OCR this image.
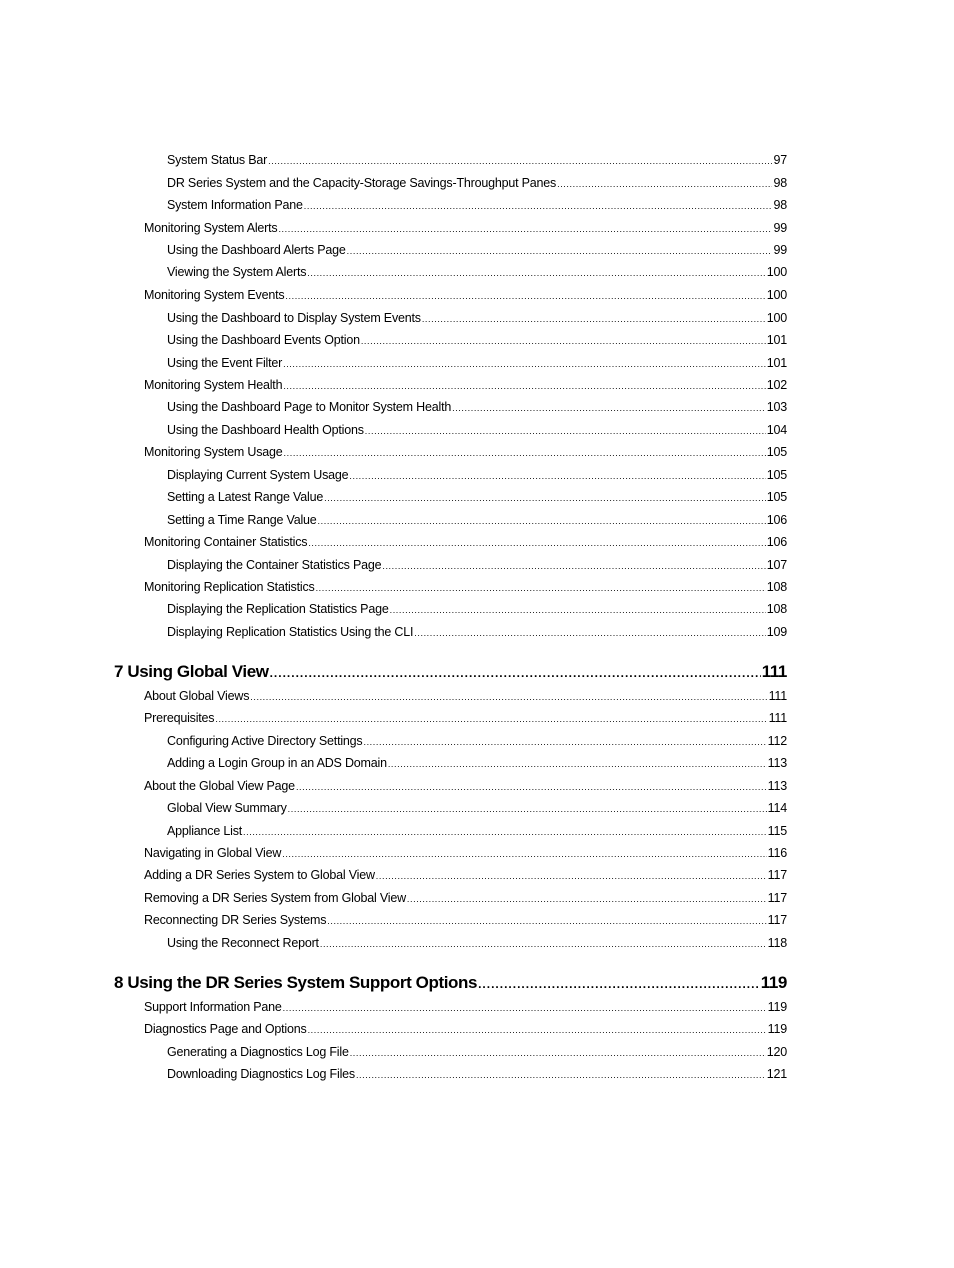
System Status Bar .....	97
DR Series System and the Capacity-Storage Savings-Throughput Panes .....	98
System Information Pane .....	98
Monitoring System Alerts .....	99
Using the Dashboard Alerts Page .....	99
Viewing the System Alerts .....	100
Monitoring System Events .....	100
Using the Dashboard to Display System Events .....	100
Using the Dashboard Events Option .....	101
Using the Event Filter .....	101
Monitoring System Health .....	102
Using the Dashboard Page to Monitor System Health .....	103
Using the Dashboard Health Options .....	104
Monitoring System Usage .....	105
Displaying Current System Usage .....	105
Setting a Latest Range Value .....	105
Setting a Time Range Value .....	106
Monitoring Container Statistics .....	106
Displaying the Container Statistics Page .....	107
Monitoring Replication Statistics .....	108
Displaying the Replication Statistics Page .....	108
Displaying Replication Statistics Using the CLI .....	109
7 Using Global View .....	111
About Global Views .....	111
Prerequisites .....	111
Configuring Active Directory Settings .....	112
Adding a Login Group in an ADS Domain .....	113
About the Global View Page .....	113
Global View Summary .....	114
Appliance List .....	115
Navigating in Global View .....	116
Adding a DR Series System to Global View .....	117
Removing a DR Series System from Global View .....	117
Reconnecting DR Series Systems .....	117
Using the Reconnect Report .....	118
8 Using the DR Series System Support Options .....	119
Support Information Pane .....	119
Diagnostics Page and Options .....	119
Generating a Diagnostics Log File .....	120
Downloading Diagnostics Log Files .....	121
